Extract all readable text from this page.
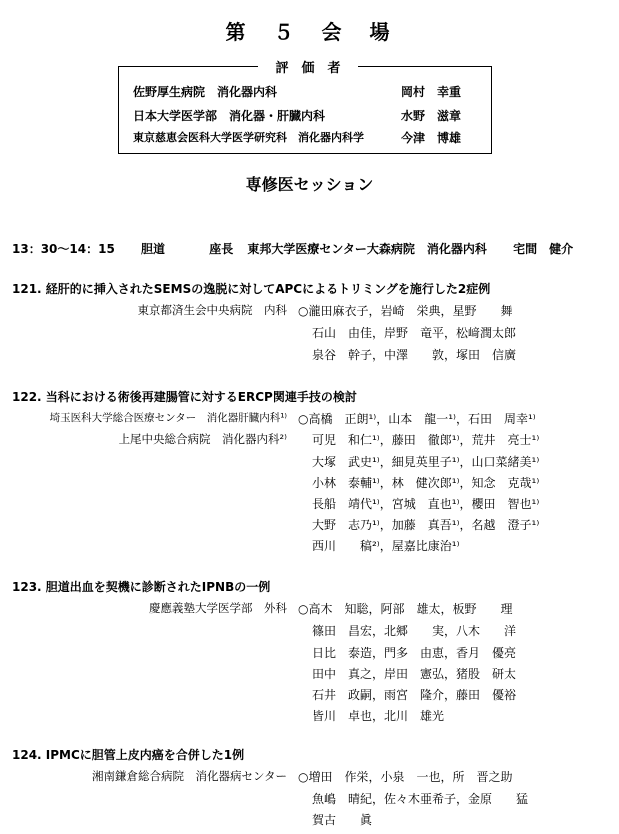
第　５　会　場
佐野厚生病院　消化器内科	岡村　幸重
日本大学医学部　消化器・肝臓内科	水野　滋章
東京慈恵会医科大学医学研究科　消化器内科学	今津　博雄
評　価　者
専修医セッション
13：30〜14：15 胆道	座長 東邦大学医療センター大森病院　消化器内科 宅間　健介
121. 経肝的に挿入されたSEMSの逸脱に対してAPCによるトリミングを施行した2症例
東京都済生会中央病院　内科 ○瀧田麻衣子，岩崎　栄典，星野　　舞
石山　由佳，岸野　竜平，松﨑潤太郎
泉谷　幹子，中澤　　敦，塚田　信廣
122. 当科における術後再建腸管に対するERCP関連手技の検討
埼玉医科大学総合医療センター　消化器肝臓内科¹⁾
上尾中央総合病院　消化器内科²⁾
○高橋　正朗¹⁾，山本　龍一¹⁾，石田　周幸¹⁾
可児　和仁¹⁾，藤田　徹郎¹⁾，荒井　亮士¹⁾
大塚　武史¹⁾，細見英里子¹⁾，山口菜緒美¹⁾
小林　泰輔¹⁾，林　健次郎¹⁾，知念　克哉¹⁾
長船　靖代¹⁾，宮城　直也¹⁾，櫻田　智也¹⁾
大野　志乃¹⁾，加藤　真吾¹⁾，名越　澄子¹⁾
西川　　稿²⁾，屋嘉比康治¹⁾
123. 胆道出血を契機に診断されたIPNBの一例
慶應義塾大学医学部　外科 ○高木　知聡，阿部　雄太，板野　　理
篠田　昌宏，北郷　　実，八木　　洋
日比　泰造，門多　由恵，香月　優亮
田中　真之，岸田　憲弘，猪股　研太
石井　政嗣，雨宮　隆介，藤田　優裕
皆川　卓也，北川　雄光
124. IPMCに胆管上皮内癌を合併した1例
湘南鎌倉総合病院　消化器病センター ○増田　作栄，小泉　一也，所　晋之助
魚嶋　晴紀，佐々木亜希子，金原　　猛
賀古　　眞
